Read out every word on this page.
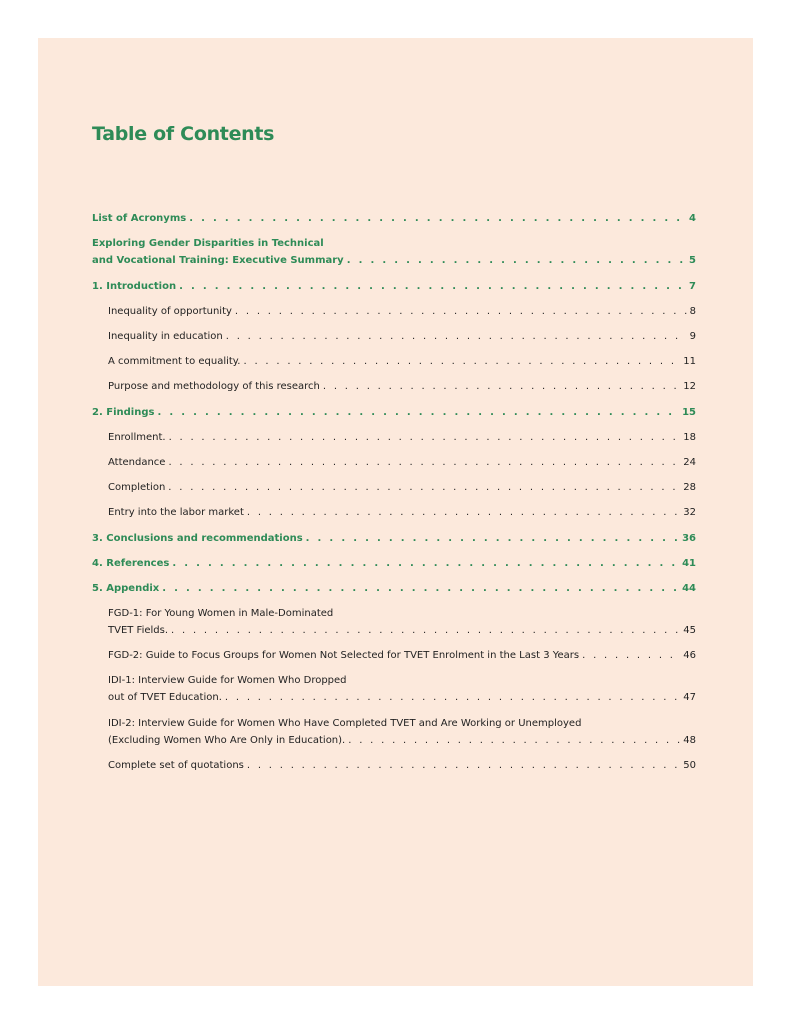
Table of Contents
List of Acronyms . . .	4
Exploring Gender Disparities in Technical
and Vocational Training: Executive Summary . . .	5
1. Introduction . . .	7
Inequality of opportunity . . .	8
Inequality in education . . .	9
A commitment to equality. . . .	11
Purpose and methodology of this research . . .	12
2. Findings . . .	15
Enrollment. . . .	18
Attendance . . .	24
Completion . . .	28
Entry into the labor market . . .	32
3. Conclusions and recommendations . . .	36
4. References . . .	41
5. Appendix . . .	44
FGD-1: For Young Women in Male-Dominated
TVET Fields. . . .	45
FGD-2: Guide to Focus Groups for Women Not Selected for TVET Enrolment in the Last 3 Years . . .	46
IDI-1: Interview Guide for Women Who Dropped
out of TVET Education. . . .	47
IDI-2: Interview Guide for Women Who Have Completed TVET and Are Working or Unemployed
(Excluding Women Who Are Only in Education). . . .	48
Complete set of quotations . . .	50
